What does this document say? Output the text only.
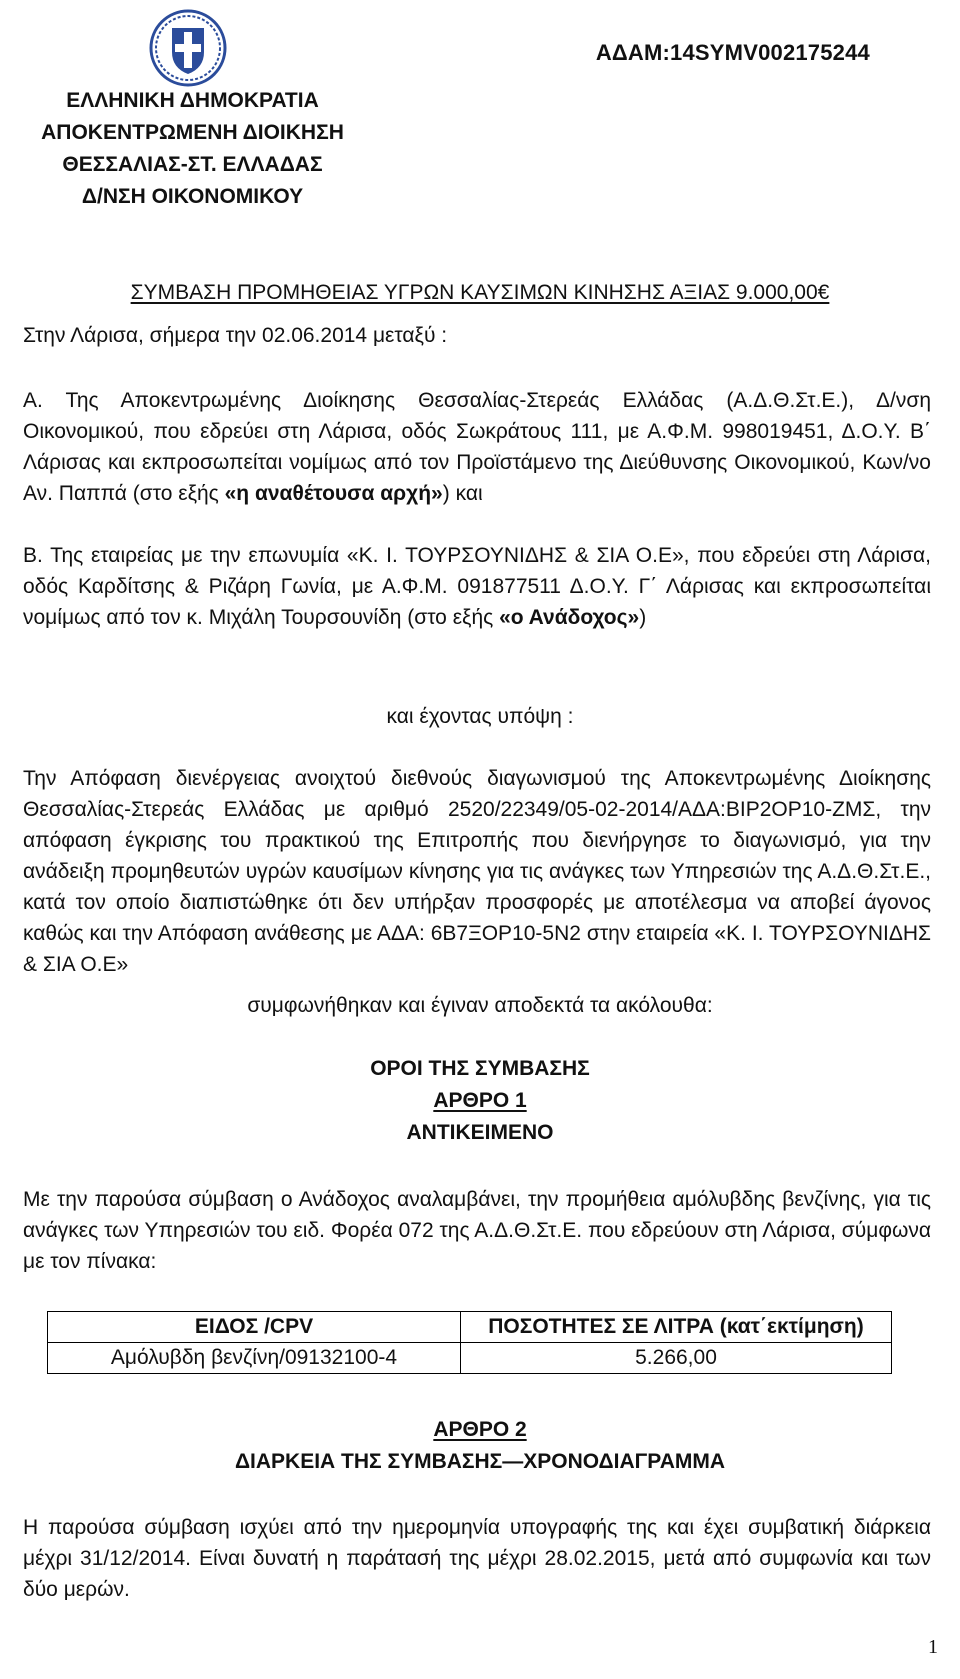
ΑΔΑΜ:14SYMV002175244
ΕΛΛΗΝΙΚΗ ΔΗΜΟΚΡΑΤΙΑ
ΑΠΟΚΕΝΤΡΩΜΕΝΗ ΔΙΟΙΚΗΣΗ
ΘΕΣΣΑΛΙΑΣ-ΣΤ. ΕΛΛΑΔΑΣ
Δ/ΝΣΗ ΟΙΚΟΝΟΜΙΚΟΥ
ΣΥΜΒΑΣΗ ΠΡΟΜΗΘΕΙΑΣ ΥΓΡΩΝ ΚΑΥΣΙΜΩΝ ΚΙΝΗΣΗΣ ΑΞΙΑΣ 9.000,00€
Στην Λάρισα, σήμερα την 02.06.2014 μεταξύ :
Α. Της Αποκεντρωμένης Διοίκησης Θεσσαλίας-Στερεάς Ελλάδας (Α.Δ.Θ.Στ.Ε.), Δ/νση Οικονομικού, που εδρεύει στη Λάρισα, οδός Σωκράτους 111, με Α.Φ.Μ. 998019451, Δ.Ο.Υ. Β΄ Λάρισας και εκπροσωπείται νομίμως από τον Προϊστάμενο της Διεύθυνσης Οικονομικού, Κων/νο Αν. Παππά (στο εξής «η αναθέτουσα αρχή») και
Β. Της εταιρείας με την επωνυμία «Κ. Ι. ΤΟΥΡΣΟΥΝΙΔΗΣ & ΣΙΑ Ο.Ε», που εδρεύει στη Λάρισα, οδός Καρδίτσης & Ριζάρη Γωνία, με Α.Φ.Μ. 091877511 Δ.Ο.Υ. Γ΄ Λάρισας και εκπροσωπείται νομίμως από τον κ. Μιχάλη Τουρσουνίδη (στο εξής «ο Ανάδοχος»)
και έχοντας υπόψη :
Την Απόφαση διενέργειας ανοιχτού διεθνούς διαγωνισμού της Αποκεντρωμένης Διοίκησης Θεσσαλίας-Στερεάς Ελλάδας με αριθμό 2520/22349/05-02-2014/ΑΔΑ:ΒΙΡ2ΟΡ10-ΖΜΣ, την απόφαση έγκρισης του πρακτικού της Επιτροπής που διενήργησε το διαγωνισμό, για την ανάδειξη προμηθευτών υγρών καυσίμων κίνησης για τις ανάγκες των Υπηρεσιών της Α.Δ.Θ.Στ.Ε., κατά τον οποίο διαπιστώθηκε ότι δεν υπήρξαν προσφορές με αποτέλεσμα να αποβεί άγονος καθώς και την Απόφαση ανάθεσης με ΑΔΑ: 6Β7ΞΟΡ10-5Ν2 στην εταιρεία «Κ. Ι. ΤΟΥΡΣΟΥΝΙΔΗΣ & ΣΙΑ Ο.Ε»
συμφωνήθηκαν και έγιναν αποδεκτά τα ακόλουθα:
ΟΡΟΙ ΤΗΣ ΣΥΜΒΑΣΗΣ
ΑΡΘΡΟ 1
ΑΝΤΙΚΕΙΜΕΝΟ
Με την παρούσα σύμβαση ο Ανάδοχος αναλαμβάνει, την προμήθεια αμόλυβδης βενζίνης, για τις ανάγκες των Υπηρεσιών του ειδ. Φορέα 072 της Α.Δ.Θ.Στ.Ε. που εδρεύουν στη Λάρισα, σύμφωνα με τον πίνακα:
ΕΙΔΟΣ /CPV	ΠΟΣΟΤΗΤΕΣ ΣΕ ΛΙΤΡΑ (κατ΄εκτίμηση)
Αμόλυβδη βενζίνη/09132100-4	5.266,00
ΑΡΘΡΟ 2
ΔΙΑΡΚΕΙΑ ΤΗΣ ΣΥΜΒΑΣΗΣ—ΧΡΟΝΟΔΙΑΓΡΑΜΜΑ
Η παρούσα σύμβαση ισχύει από την ημερομηνία υπογραφής της και έχει συμβατική διάρκεια μέχρι 31/12/2014. Είναι δυνατή η παράτασή της μέχρι 28.02.2015, μετά από συμφωνία και των δύο μερών.
1
